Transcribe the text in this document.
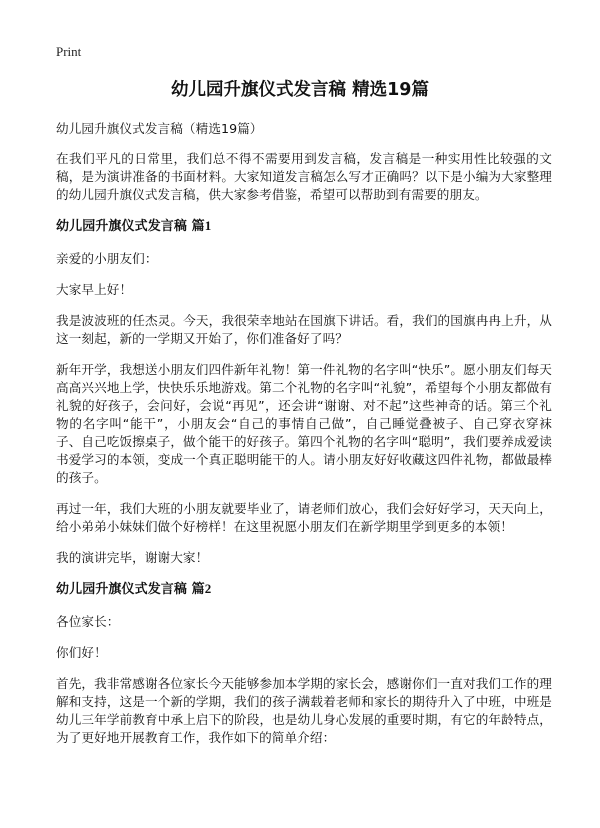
Print
幼儿园升旗仪式发言稿 精选19篇

幼儿园升旗仪式发言稿（精选19篇）

在我们平凡的日常里，我们总不得不需要用到发言稿，发言稿是一种实用性比较强的文稿，是为演讲准备的书面材料。大家知道发言稿怎么写才正确吗？以下是小编为大家整理的幼儿园升旗仪式发言稿，供大家参考借鉴，希望可以帮助到有需要的朋友。

幼儿园升旗仪式发言稿 篇1

亲爱的小朋友们：

大家早上好！

我是波波班的任杰灵。今天，我很荣幸地站在国旗下讲话。看，我们的国旗冉冉上升，从这一刻起，新的一学期又开始了，你们准备好了吗？

新年开学，我想送小朋友们四件新年礼物！第一件礼物的名字叫“快乐”。愿小朋友们每天高高兴兴地上学，快快乐乐地游戏。第二个礼物的名字叫“礼貌”，希望每个小朋友都做有礼貌的好孩子，会问好，会说“再见”，还会讲“谢谢、对不起”这些神奇的话。第三个礼物的名字叫“能干”，小朋友会“自己的事情自己做”，自己睡觉叠被子、自己穿衣穿袜子、自己吃饭擦桌子，做个能干的好孩子。第四个礼物的名字叫“聪明”，我们要养成爱读书爱学习的本领，变成一个真正聪明能干的人。请小朋友好好收藏这四件礼物，都做最棒的孩子。

再过一年，我们大班的小朋友就要毕业了，请老师们放心，我们会好好学习，天天向上，给小弟弟小妹妹们做个好榜样！在这里祝愿小朋友们在新学期里学到更多的本领！

我的演讲完毕，谢谢大家！

幼儿园升旗仪式发言稿 篇2

各位家长：

你们好！

首先，我非常感谢各位家长今天能够参加本学期的家长会，感谢你们一直对我们工作的理解和支持，这是一个新的学期，我们的孩子满载着老师和家长的期待升入了中班，中班是幼儿三年学前教育中承上启下的阶段，也是幼儿身心发展的重要时期，有它的年龄特点，为了更好地开展教育工作，我作如下的简单介绍：
